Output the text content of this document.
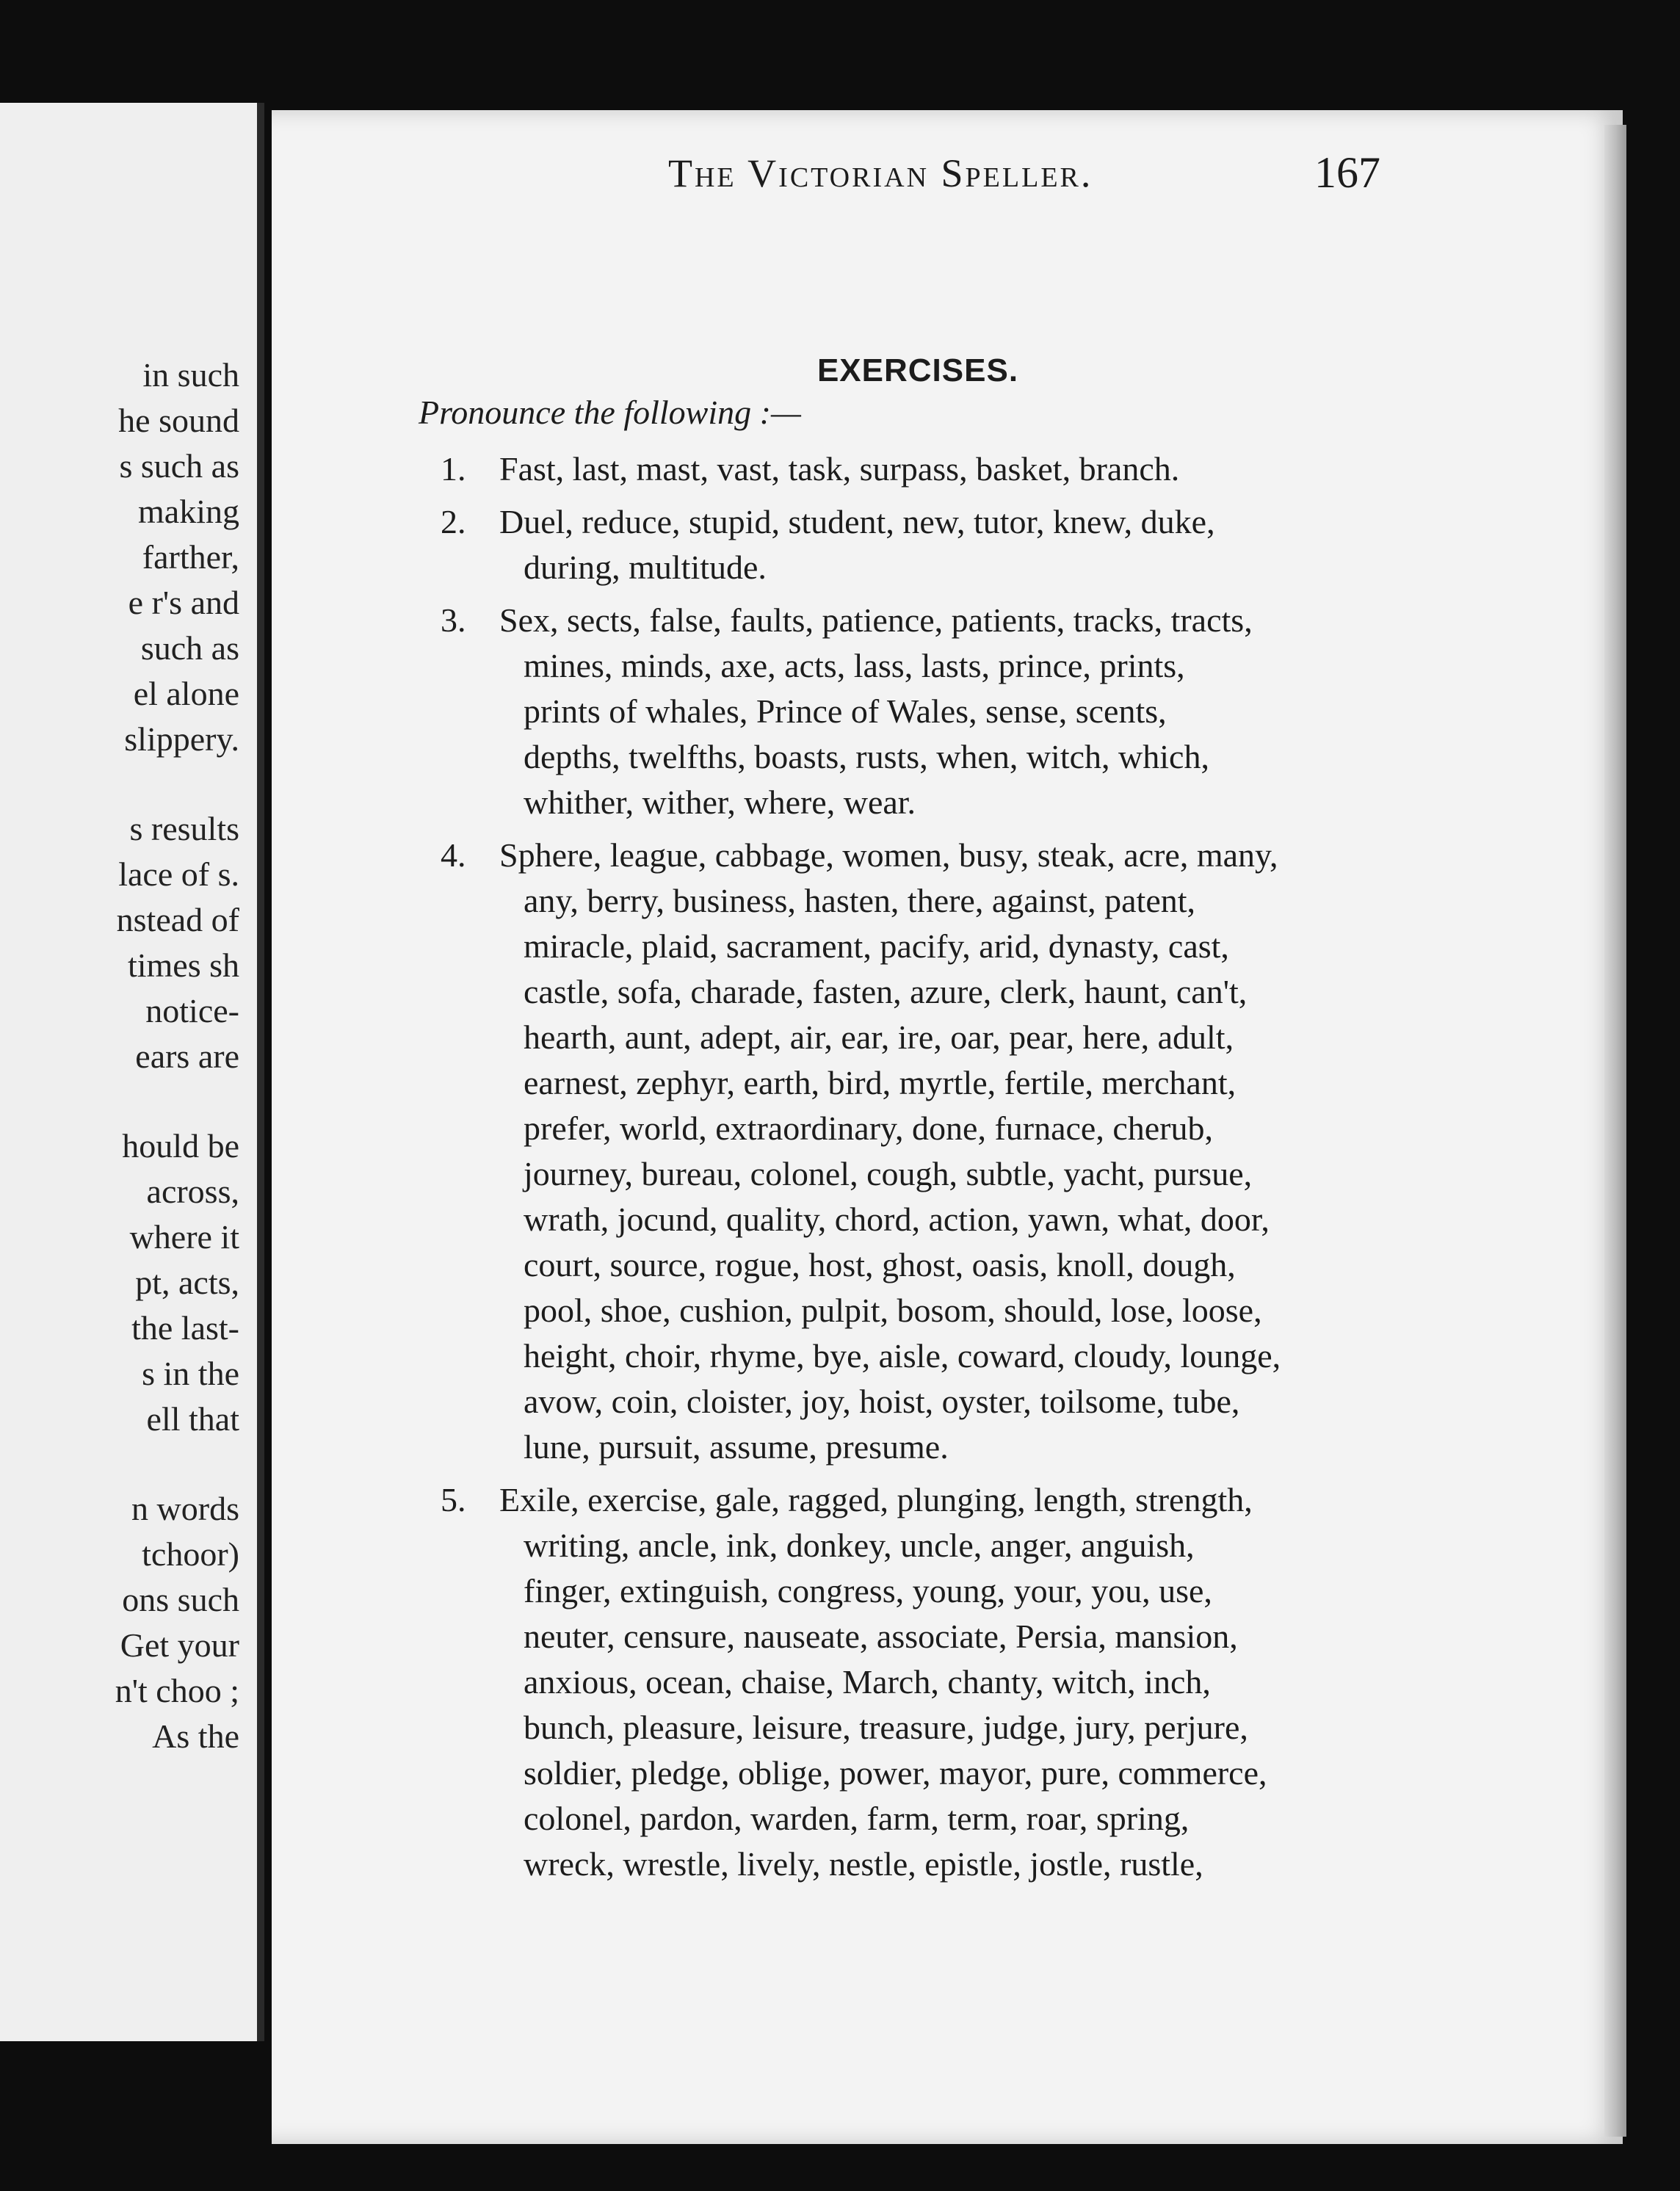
in such
he sound
s such as
making
farther,
e r's and
such as
el alone
slippery.
s results
lace of s.
nstead of
times sh
notice-
ears are
hould be
across,
where it
pt, acts,
the last-
s in the
ell that
n words
tchoor)
ons such
Get your
n't choo ;
As the
The Victorian Speller.	167
EXERCISES.
Pronounce the following :—
1. Fast, last, mast, vast, task, surpass, basket, branch.
2. Duel, reduce, stupid, student, new, tutor, knew, duke,
during, multitude.
3. Sex, sects, false, faults, patience, patients, tracks, tracts,
mines, minds, axe, acts, lass, lasts, prince, prints,
prints of whales, Prince of Wales, sense, scents,
depths, twelfths, boasts, rusts, when, witch, which,
whither, wither, where, wear.
4. Sphere, league, cabbage, women, busy, steak, acre, many,
any, berry, business, hasten, there, against, patent,
miracle, plaid, sacrament, pacify, arid, dynasty, cast,
castle, sofa, charade, fasten, azure, clerk, haunt, can't,
hearth, aunt, adept, air, ear, ire, oar, pear, here, adult,
earnest, zephyr, earth, bird, myrtle, fertile, merchant,
prefer, world, extraordinary, done, furnace, cherub,
journey, bureau, colonel, cough, subtle, yacht, pursue,
wrath, jocund, quality, chord, action, yawn, what, door,
court, source, rogue, host, ghost, oasis, knoll, dough,
pool, shoe, cushion, pulpit, bosom, should, lose, loose,
height, choir, rhyme, bye, aisle, coward, cloudy, lounge,
avow, coin, cloister, joy, hoist, oyster, toilsome, tube,
lune, pursuit, assume, presume.
5. Exile, exercise, gale, ragged, plunging, length, strength,
writing, ancle, ink, donkey, uncle, anger, anguish,
finger, extinguish, congress, young, your, you, use,
neuter, censure, nauseate, associate, Persia, mansion,
anxious, ocean, chaise, March, chanty, witch, inch,
bunch, pleasure, leisure, treasure, judge, jury, perjure,
soldier, pledge, oblige, power, mayor, pure, commerce,
colonel, pardon, warden, farm, term, roar, spring,
wreck, wrestle, lively, nestle, epistle, jostle, rustle,
